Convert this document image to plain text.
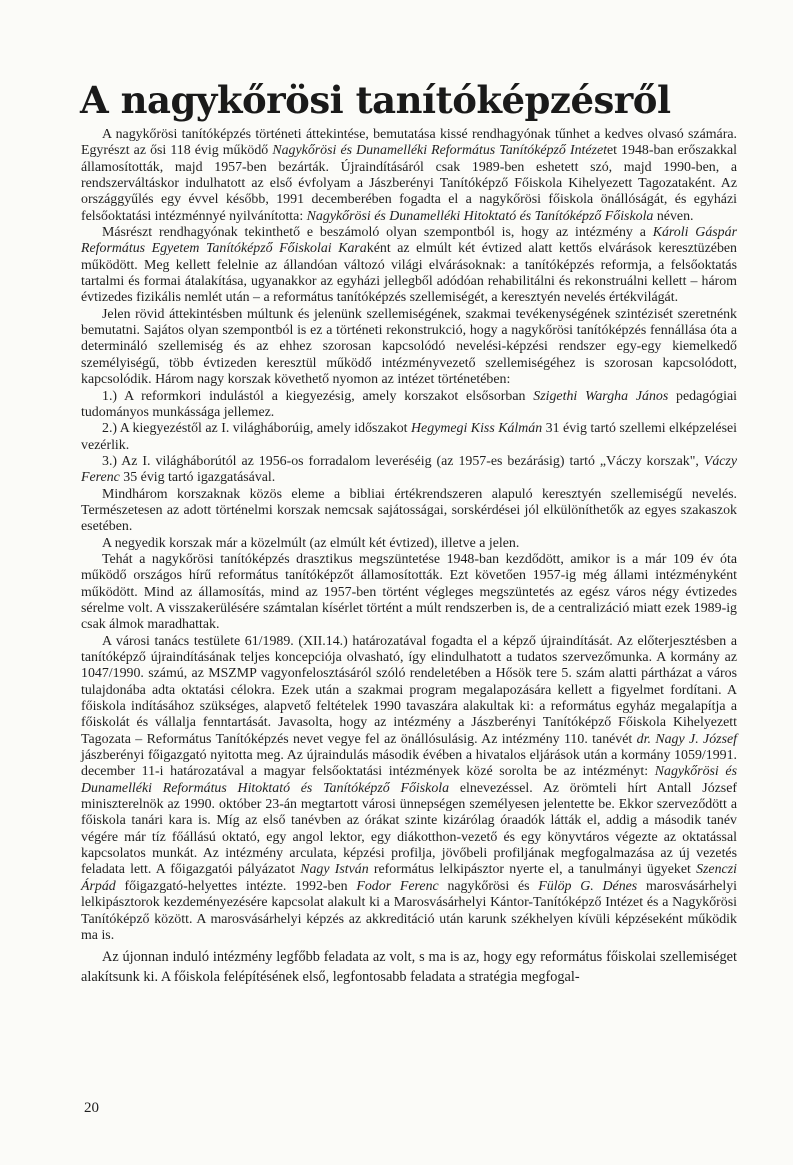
A nagykőrösi tanítóképzésről

A nagykőrösi tanítóképzés történeti áttekintése, bemutatása kissé rendhagyónak tűnhet a kedves olvasó számára. Egyrészt az ősi 118 évig működő Nagykőrösi és Dunamelléki Református Tanítóképző Intézetet 1948-ban erőszakkal államosították, majd 1957-ben bezárták. Újraindításáról csak 1989-ben eshetett szó, majd 1990-ben, a rendszerváltáskor indulhatott az első évfolyam a Jászberényi Tanítóképző Főiskola Kihelyezett Tagozataként. Az országgyűlés egy évvel később, 1991 decemberében fogadta el a nagykőrösi főiskola önállóságát, és egyházi felsőoktatási intézménnyé nyilvánította: Nagykőrösi és Dunamelléki Hitoktató és Tanítóképző Főiskola néven.

Másrészt rendhagyónak tekinthető e beszámoló olyan szempontból is, hogy az intézmény a Károli Gáspár Református Egyetem Tanítóképző Főiskolai Karaként az elmúlt két évtized alatt kettős elvárások keresztüzében működött. Meg kellett felelnie az állandóan változó világi elvárásoknak: a tanítóképzés reformja, a felsőoktatás tartalmi és formai átalakítása, ugyanakkor az egyházi jellegből adódóan rehabilitálni és rekonstruálni kellett – három évtizedes fizikális nemlét után – a református tanítóképzés szellemiségét, a keresztyén nevelés értékvilágát.

Jelen rövid áttekintésben múltunk és jelenünk szellemiségének, szakmai tevékenységének szintézisét szeretnénk bemutatni. Sajátos olyan szempontból is ez a történeti rekonstrukció, hogy a nagykőrösi tanítóképzés fennállása óta a determináló szellemiség és az ehhez szorosan kapcsolódó nevelési-képzési rendszer egy-egy kiemelkedő személyiségű, több évtizeden keresztül működő intézményvezető szellemiségéhez is szorosan kapcsolódott, kapcsolódik. Három nagy korszak követhető nyomon az intézet történetében:

1.) A reformkori indulástól a kiegyezésig, amely korszakot elsősorban Szigethi Wargha János pedagógiai tudományos munkássága jellemez.

2.) A kiegyezéstől az I. világháborúig, amely időszakot Hegymegi Kiss Kálmán 31 évig tartó szellemi elképzelései vezérlik.

3.) Az I. világháborútól az 1956-os forradalom leveréséig (az 1957-es bezárásig) tartó „Váczy korszak", Váczy Ferenc 35 évig tartó igazgatásával.

Mindhárom korszaknak közös eleme a bibliai értékrendszeren alapuló keresztyén szellemiségű nevelés. Természetesen az adott történelmi korszak nemcsak sajátosságai, sorskérdései jól elkülöníthetők az egyes szakaszok esetében.

A negyedik korszak már a közelmúlt (az elmúlt két évtized), illetve a jelen.

Tehát a nagykőrösi tanítóképzés drasztikus megszüntetése 1948-ban kezdődött, amikor is a már 109 év óta működő országos hírű református tanítóképzőt államosították. Ezt követően 1957-ig még állami intézményként működött. Mind az államosítás, mind az 1957-ben történt végleges megszüntetés az egész város négy évtizedes sérelme volt. A visszakerülésére számtalan kísérlet történt a múlt rendszerben is, de a centralizáció miatt ezek 1989-ig csak álmok maradhattak.

A városi tanács testülete 61/1989. (XII.14.) határozatával fogadta el a képző újraindítását. Az előterjesztésben a tanítóképző újraindításának teljes koncepciója olvasható, így elindulhatott a tudatos szervezőmunka. A kormány az 1047/1990. számú, az MSZMP vagyonfelosztásáról szóló rendeletében a Hősök tere 5. szám alatti pártházat a város tulajdonába adta oktatási célokra. Ezek után a szakmai program megalapozására kellett a figyelmet fordítani. A főiskola indításához szükséges, alapvető feltételek 1990 tavaszára alakultak ki: a református egyház megalapítja a főiskolát és vállalja fenntartását. Javasolta, hogy az intézmény a Jászberényi Tanítóképző Főiskola Kihelyezett Tagozata – Református Tanítóképzés nevet vegye fel az önállósulásig. Az intézmény 110. tanévét dr. Nagy J. József jászberényi főigazgató nyitotta meg. Az újraindulás második évében a hivatalos eljárások után a kormány 1059/1991. december 11-i határozatával a magyar felsőoktatási intézmények közé sorolta be az intézményt: Nagykőrösi és Dunamelléki Református Hitoktató és Tanítóképző Főiskola elnevezéssel. Az örömteli hírt Antall József miniszterelnök az 1990. október 23-án megtartott városi ünnepségen személyesen jelentette be. Ekkor szerveződött a főiskola tanári kara is. Míg az első tanévben az órákat szinte kizárólag óraadók látták el, addig a második tanév végére már tíz főállású oktató, egy angol lektor, egy diákotthon-vezető és egy könyvtáros végezte az oktatással kapcsolatos munkát. Az intézmény arculata, képzési profilja, jövőbeli profiljának megfogalmazása az új vezetés feladata lett. A főigazgatói pályázatot Nagy István református lelkipásztor nyerte el, a tanulmányi ügyeket Szenczi Árpád főigazgató-helyettes intézte. 1992-ben Fodor Ferenc nagykőrösi és Fülöp G. Dénes marosvásárhelyi lelkipásztorok kezdeményezésére kapcsolat alakult ki a Marosvásárhelyi Kántor-Tanítóképző Intézet és a Nagykőrösi Tanítóképző között. A marosvásárhelyi képzés az akkreditáció után karunk székhelyen kívüli képzéseként működik ma is.

Az újonnan induló intézmény legfőbb feladata az volt, s ma is az, hogy egy református főiskolai szellemiséget alakítsunk ki. A főiskola felépítésének első, legfontosabb feladata a stratégia megfogal-

20
